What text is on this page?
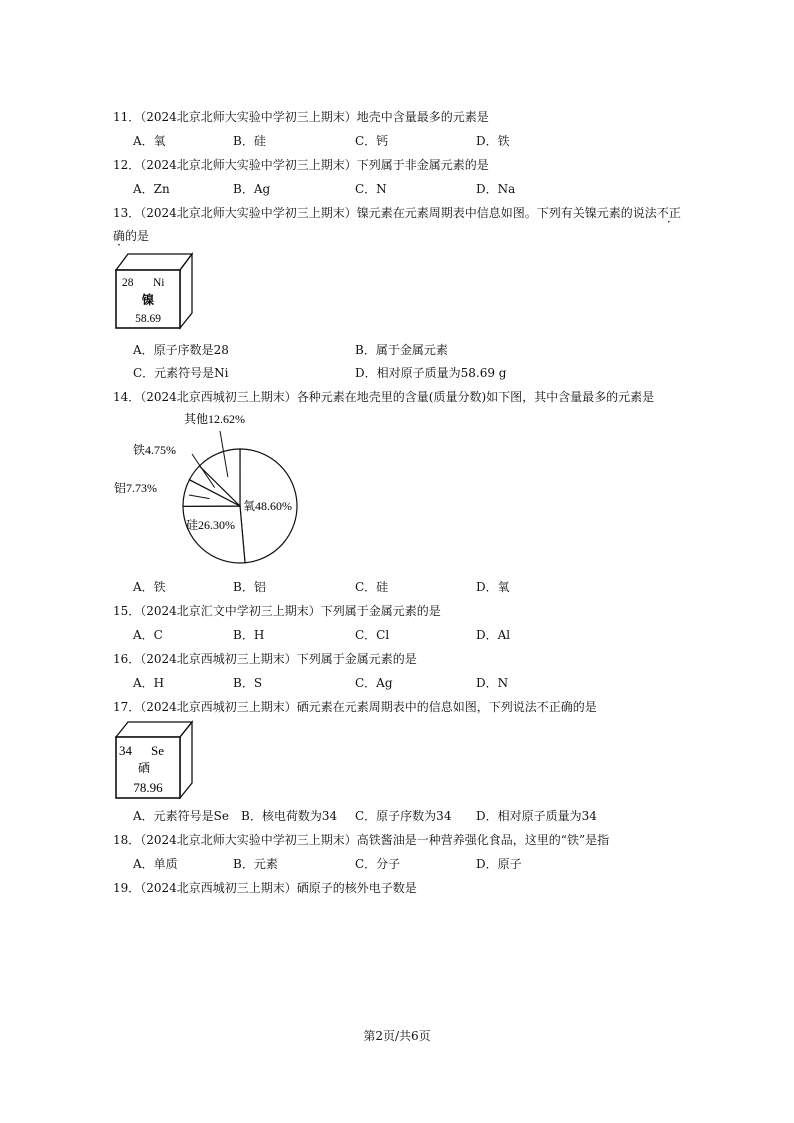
11．（2024北京北师大实验中学初三上期末）地壳中含量最多的元素是
A．氧	B．硅	C．钙	D．铁
12．（2024北京北师大实验中学初三上期末）下列属于非金属元素的是
A．Zn	B．Ag	C．N	D．Na
13．（2024北京北师大实验中学初三上期末）镍元素在元素周期表中信息如图。下列有关镍元素的说法不正
确的是
28 Ni
镍
58.69
A．原子序数是28	B．属于金属元素
C．元素符号是Ni	D．相对原子质量为58.69 g
14．（2024北京西城初三上期末）各种元素在地壳里的含量(质量分数)如下图，其中含量最多的元素是
氧48.60%
硅26.30%
铝7.73%
铁4.75%
其他12.62%
A．铁	B．铝	C．硅	D．氧
15．（2024北京汇文中学初三上期末）下列属于金属元素的是
A．C	B．H	C．Cl	D．Al
16．（2024北京西城初三上期末）下列属于金属元素的是
A．H	B．S	C．Ag	D．N
17．（2024北京西城初三上期末）硒元素在元素周期表中的信息如图，下列说法不正确的是
34 Se
硒
78.96
A．元素符号是Se B．核电荷数为34 C．原子序数为34 D．相对原子质量为34
18．（2024北京北师大实验中学初三上期末）高铁酱油是一种营养强化食品，这里的“铁”是指
A．单质	B．元素	C．分子	D．原子
19．（2024北京西城初三上期末）硒原子的核外电子数是
第2页/共6页
